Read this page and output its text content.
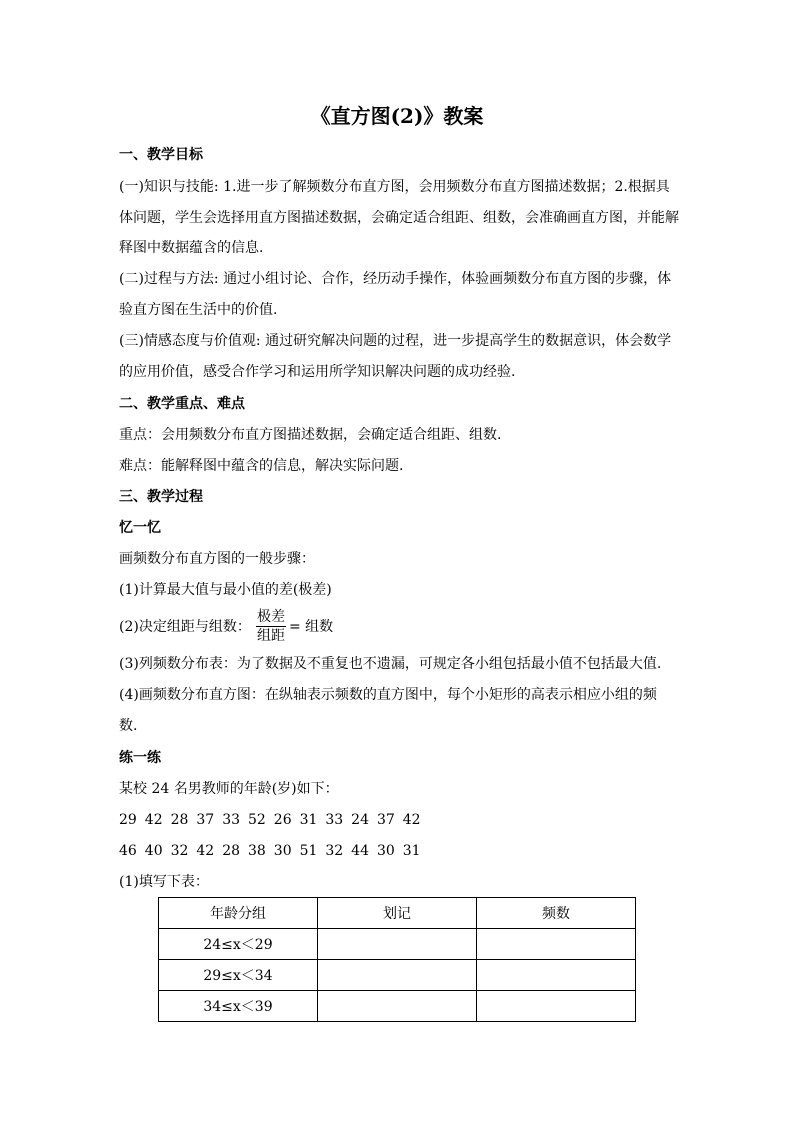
《直方图(2)》教案
一、教学目标
(一)知识与技能: 1.进一步了解频数分布直方图，会用频数分布直方图描述数据；2.根据具
体问题，学生会选择用直方图描述数据，会确定适合组距、组数，会准确画直方图，并能解
释图中数据蕴含的信息.
(二)过程与方法: 通过小组讨论、合作，经历动手操作，体验画频数分布直方图的步骤，体
验直方图在生活中的价值.
(三)情感态度与价值观: 通过研究解决问题的过程，进一步提高学生的数据意识，体会数学
的应用价值，感受合作学习和运用所学知识解决问题的成功经验.
二、教学重点、难点
重点：会用频数分布直方图描述数据，会确定适合组距、组数.
难点：能解释图中蕴含的信息，解决实际问题.
三、教学过程
忆一忆
画频数分布直方图的一般步骤：
(1)计算最大值与最小值的差(极差)
(2)决定组距与组数：
极差
组距
= 组数
(3)列频数分布表：为了数据及不重复也不遗漏，可规定各小组包括最小值不包括最大值.
(4)画频数分布直方图：在纵轴表示频数的直方图中，每个小矩形的高表示相应小组的频
数.
练一练
某校 24 名男教师的年龄(岁)如下：
29 42 28 37 33 52 26 31 33 24 37 42
46 40 32 42 28 38 30 51 32 44 30 31
(1)填写下表：
年龄分组	划记	频数
24≤x＜29		
29≤x＜34		
34≤x＜39		
